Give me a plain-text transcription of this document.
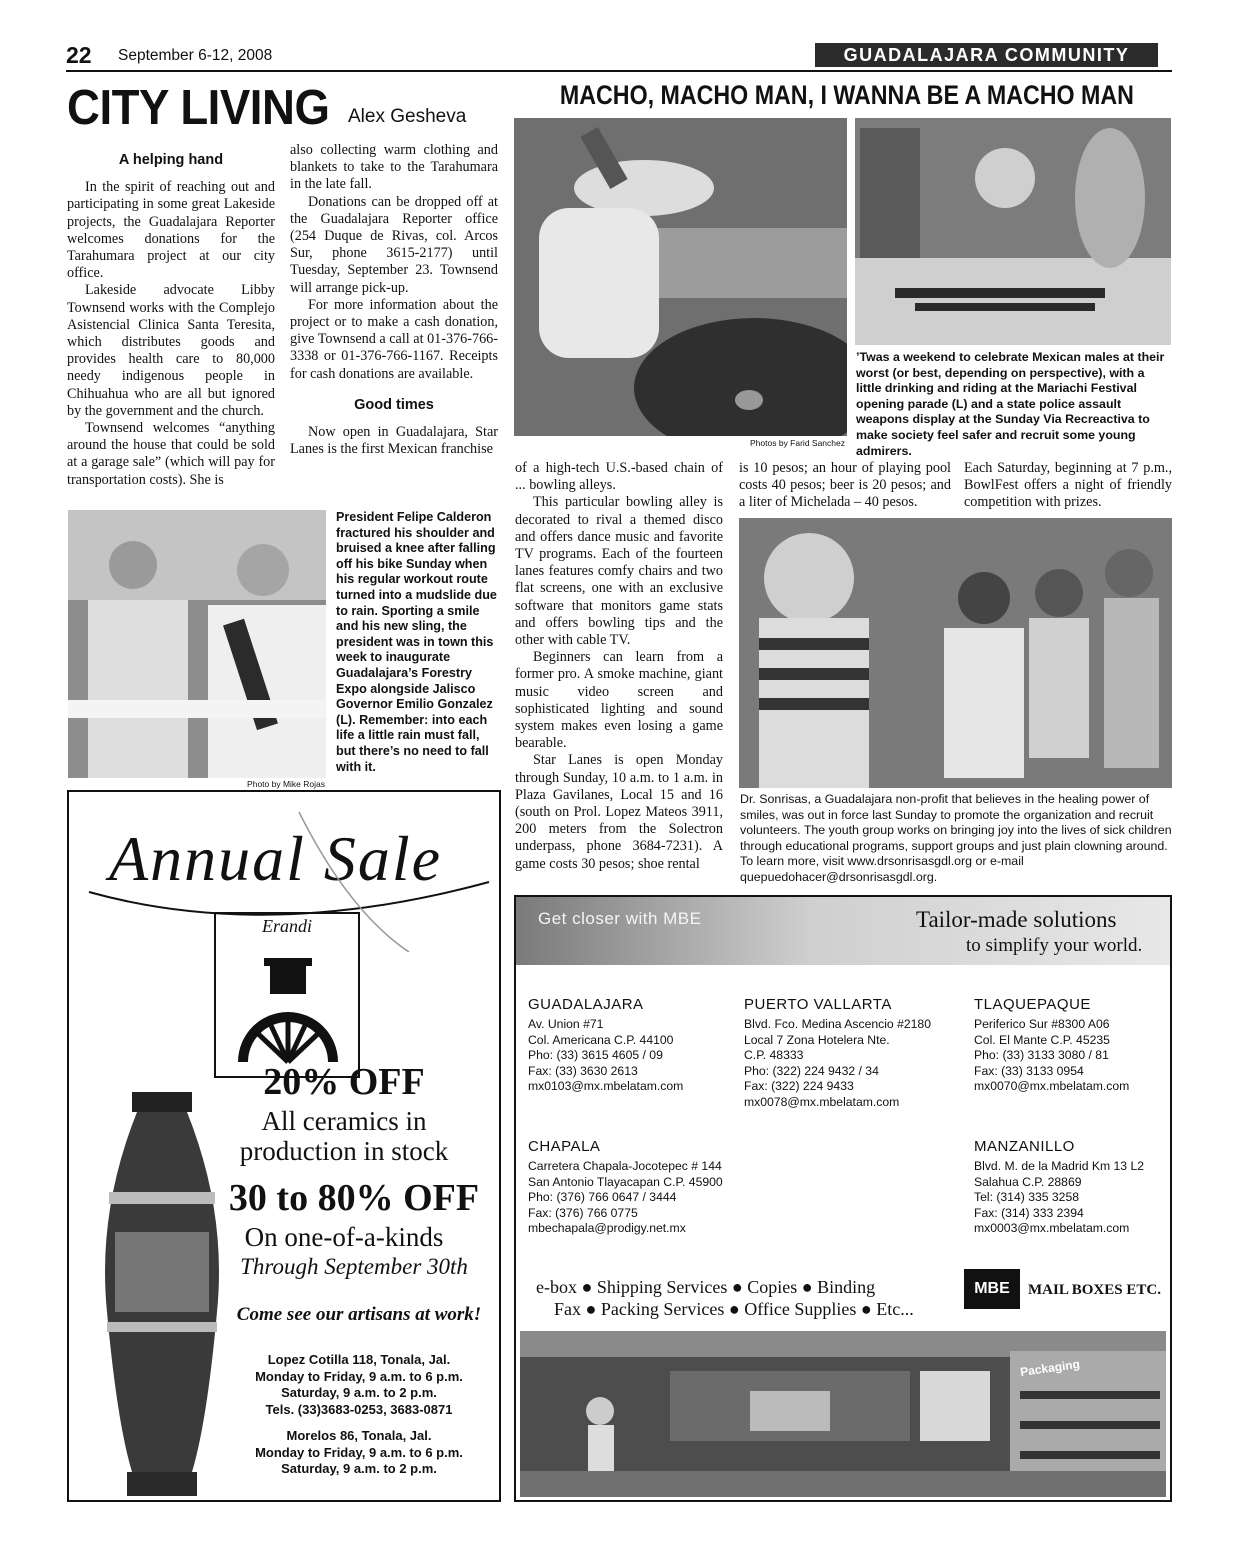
22 September 6-12, 2008	GUADALAJARA COMMUNITY
CITY LIVING Alex Gesheva
A helping hand

In the spirit of reaching out and participating in some great Lakeside projects, the Guadalajara Reporter welcomes donations for the Tarahumara project at our city office.

Lakeside advocate Libby Townsend works with the Complejo Asistencial Clinica Santa Teresita, which distributes goods and provides health care to 80,000 needy indigenous people in Chihuahua who are all but ignored by the government and the church.

Townsend welcomes “anything around the house that could be sold at a garage sale” (which will pay for transportation costs). She is

also collecting warm clothing and blankets to take to the Tarahumara in the late fall.

Donations can be dropped off at the Guadalajara Reporter office (254 Duque de Rivas, col. Arcos Sur, phone 3615-2177) until Tuesday, September 23. Townsend will arrange pick-up.

For more information about the project or to make a cash donation, give Townsend a call at 01-376-766-3338 or 01-376-766-1167. Receipts for cash donations are available.

Good times

Now open in Guadalajara, Star Lanes is the first Mexican franchise

MACHO, MACHO MAN, I WANNA BE A MACHO MAN
Photos by Farid Sanchez
’Twas a weekend to celebrate Mexican males at their worst (or best, depending on perspective), with a little drinking and riding at the Mariachi Festival opening parade (L) and a state police assault weapons display at the Sunday Via Recreactiva to make society feel safer and recruit some young admirers.
Photo by Mike Rojas
President Felipe Calderon fractured his shoulder and bruised a knee after falling off his bike Sunday when his regular workout route turned into a mudslide due to rain. Sporting a smile and his new sling, the president was in town this week to inaugurate Guadalajara’s Forestry Expo alongside Jalisco Governor Emilio Gonzalez (L). Remember: into each life a little rain must fall, but there’s no need to fall with it.

of a high-tech U.S.-based chain of ... bowling alleys.

This particular bowling alley is decorated to rival a themed disco and offers dance music and favorite TV programs. Each of the fourteen lanes features comfy chairs and two flat screens, one with an exclusive software that monitors game stats and offers bowling tips and the other with cable TV.

Beginners can learn from a former pro. A smoke machine, giant music video screen and sophisticated lighting and sound system makes even losing a game bearable.

Star Lanes is open Monday through Sunday, 10 a.m. to 1 a.m. in Plaza Gavilanes, Local 15 and 16 (south on Prol. Lopez Mateos 3911, 200 meters from the Solectron underpass, phone 3684-7231). A game costs 30 pesos; shoe rental

is 10 pesos; an hour of playing pool costs 40 pesos; beer is 20 pesos; and a liter of Michelada – 40 pesos.

Each Saturday, beginning at 7 p.m., BowlFest offers a night of friendly competition with prizes.

Dr. Sonrisas, a Guadalajara non-profit that believes in the healing power of smiles, was out in force last Sunday to promote the organization and recruit volunteers. The youth group works on bringing joy into the lives of sick children through educational programs, support groups and just plain clowning around. To learn more, visit www.drsonrisasgdl.org or e-mail quepuedohacer@drsonrisasgdl.org.
Annual Sale
Erandi
20% OFF
All ceramics in
production in stock
30 to 80% OFF
On one-of-a-kinds
Through September 30th
Come see our artisans at work!
Lopez Cotilla 118, Tonala, Jal.
Monday to Friday, 9 a.m. to 6 p.m.
Saturday, 9 a.m. to 2 p.m.
Tels. (33)3683-0253, 3683-0871
Morelos 86, Tonala, Jal.
Monday to Friday, 9 a.m. to 6 p.m.
Saturday, 9 a.m. to 2 p.m.
Get closer with MBE	Tailor-made solutions
to simplify your world.
GUADALAJARA
Av. Union #71
Col. Americana C.P. 44100
Pho: (33) 3615 4605 / 09
Fax: (33) 3630 2613
mx0103@mx.mbelatam.com
PUERTO VALLARTA
Blvd. Fco. Medina Ascencio #2180
Local 7 Zona Hotelera Nte.
C.P. 48333
Pho: (322) 224 9432 / 34
Fax: (322) 224 9433
mx0078@mx.mbelatam.com
TLAQUEPAQUE
Periferico Sur #8300 A06
Col. El Mante C.P. 45235
Pho: (33) 3133 3080 / 81
Fax: (33) 3133 0954
mx0070@mx.mbelatam.com
CHAPALA
Carretera Chapala-Jocotepec # 144
San Antonio Tlayacapan C.P. 45900
Pho: (376) 766 0647 / 3444
Fax: (376) 766 0775
mbechapala@prodigy.net.mx
MANZANILLO
Blvd. M. de la Madrid Km 13 L2
Salahua C.P. 28869
Tel: (314) 335 3258
Fax: (314) 333 2394
mx0003@mx.mbelatam.com
e-box ● Shipping Services ● Copies ● Binding
Fax ● Packing Services ● Office Supplies ● Etc...
MBE	MAIL BOXES ETC.
Packaging
